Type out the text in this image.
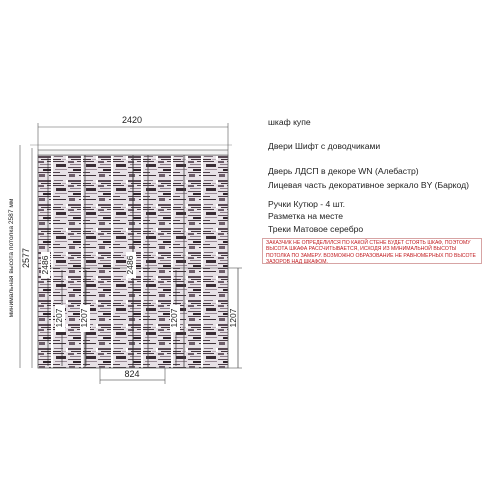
2420
минимальная высота потолка 2587 мм 2577 2486	2486
1207 1207	1207	1207
824
шкаф купе
Двери Шифт с доводчиками
Дверь ЛДСП в декоре WN (Алебастр)
Лицевая часть декоративное зеркало BY (Баркод)
Ручки Кутюр - 4 шт.
Разметка на месте
Треки Матовое серебро
ЗАКАЗЧИК НЕ ОПРЕДЕЛИЛСЯ ПО КАКОЙ СТЕНЕ БУДЕТ СТОЯТЬ ШКАФ, ПОЭТОМУ ВЫСОТА ШКАФА РАССЧИТЫВАЕТСЯ, ИСХОДЯ ИЗ МИНИМАЛЬНОЙ ВЫСОТЫ ПОТОЛКА ПО ЗАМЕРУ. ВОЗМОЖНО ОБРАЗОВАНИЕ НЕ РАВНОМЕРНЫХ ПО ВЫСОТЕ ЗАЗОРОВ НАД ШКАФОМ.
